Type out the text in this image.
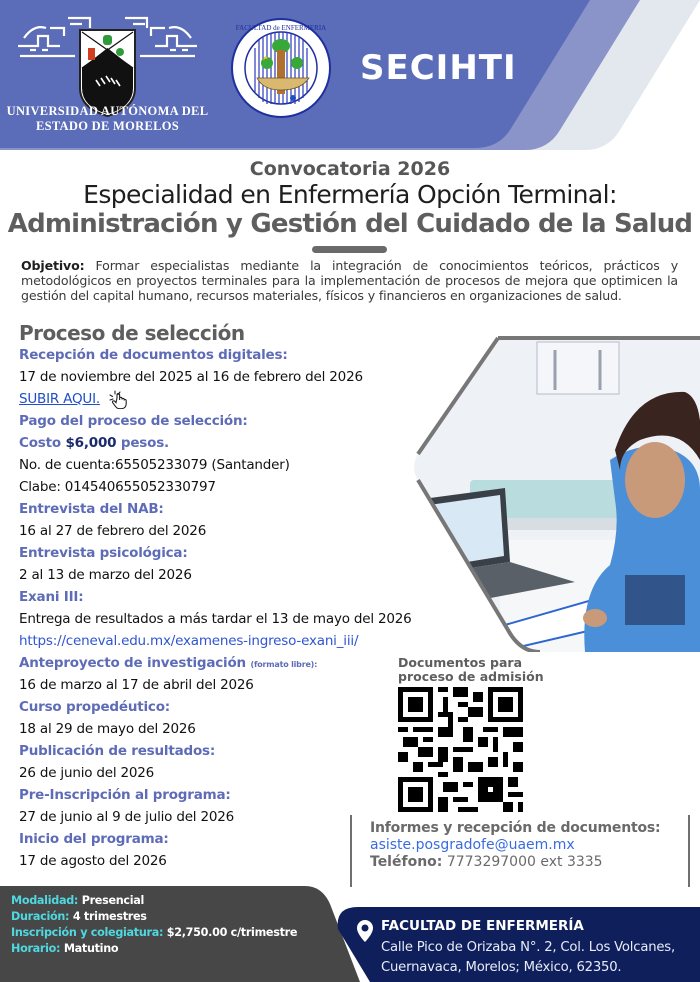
UNIVERSIDAD AUTÓNOMA DEL
ESTADO DE MORELOS
FACULTAD de ENFERMERIA
SECIHTI
Convocatoria 2026
Especialidad en Enfermería Opción Terminal:
Administración y Gestión del Cuidado de la Salud
Objetivo: Formar especialistas mediante la integración de conocimientos teóricos, prácticos y metodológicos en proyectos terminales para la implementación de procesos de mejora que optimicen la gestión del capital humano, recursos materiales, físicos y financieros en organizaciones de salud.
Proceso de selección
Recepción de documentos digitales:
17 de noviembre del 2025 al 16 de febrero del 2026
SUBIR AQUI.
Pago del proceso de selección:
Costo $6,000 pesos.
No. de cuenta:65505233079 (Santander)
Clabe: 014540655052330797
Entrevista del NAB:
16 al 27 de febrero del 2026
Entrevista psicológica:
2 al 13 de marzo del 2026
Exani III:
Entrega de resultados a más tardar el 13 de mayo del 2026
https://ceneval.edu.mx/examenes-ingreso-exani_iii/
Anteproyecto de investigación (formato libre):
16 de marzo al 17 de abril del 2026
Curso propedéutico:
18 al 29 de mayo del 2026
Publicación de resultados:
26 de junio del 2026
Pre-Inscripción al programa:
27 de junio al 9 de julio del 2026
Inicio del programa:
17 de agosto del 2026
Documentos para
proceso de admisión
Informes y recepción de documentos:
asiste.posgradofe@uaem.mx
Teléfono: 7773297000 ext 3335
Modalidad: Presencial
Duración: 4 trimestres
Inscripción y colegiatura: $2,750.00 c/trimestre
Horario: Matutino
FACULTAD DE ENFERMERÍA
Calle Pico de Orizaba N°. 2, Col. Los Volcanes,
Cuernavaca, Morelos; México, 62350.
